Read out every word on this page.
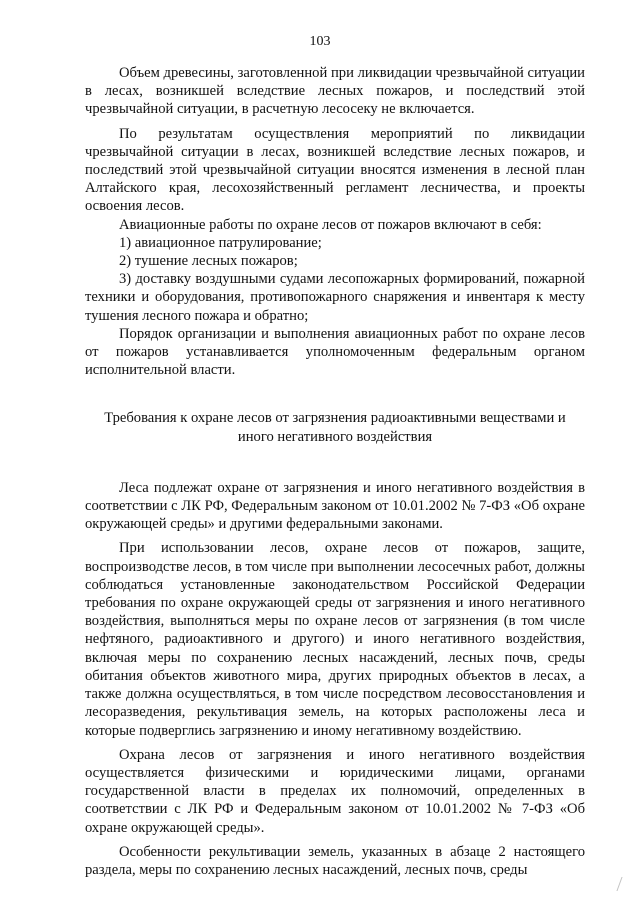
103

Объем древесины, заготовленной при ликвидации чрезвычайной ситуации в лесах, возникшей вследствие лесных пожаров, и последствий этой чрезвычайной ситуации, в расчетную лесосеку не включается.

По результатам осуществления мероприятий по ликвидации чрезвычайной ситуации в лесах, возникшей вследствие лесных пожаров, и последствий этой чрезвычайной ситуации вносятся изменения в лесной план Алтайского края, лесохозяйственный регламент лесничества, и проекты освоения лесов.

Авиационные работы по охране лесов от пожаров включают в себя:

1) авиационное патрулирование;

2) тушение лесных пожаров;

3) доставку воздушными судами лесопожарных формирований, пожарной техники и оборудования, противопожарного снаряжения и инвентаря к месту тушения лесного пожара и обратно;

Порядок организации и выполнения авиационных работ по охране лесов от пожаров устанавливается уполномоченным федеральным органом исполнительной власти.

Требования к охране лесов от загрязнения радиоактивными веществами и
иного негативного воздействия

Леса подлежат охране от загрязнения и иного негативного воздействия в соответствии с ЛК РФ, Федеральным законом от 10.01.2002 № 7-ФЗ «Об охране окружающей среды» и другими федеральными законами.

При использовании лесов, охране лесов от пожаров, защите, воспроизводстве лесов, в том числе при выполнении лесосечных работ, должны соблюдаться установленные законодательством Российской Федерации требования по охране окружающей среды от загрязнения и иного негативного воздействия, выполняться меры по охране лесов от загрязнения (в том числе нефтяного, радиоактивного и другого) и иного негативного воздействия, включая меры по сохранению лесных насаждений, лесных почв, среды обитания объектов животного мира, других природных объектов в лесах, а также должна осуществляться, в том числе посредством лесовосстановления и лесоразведения, рекультивация земель, на которых расположены леса и которые подверглись загрязнению и иному негативному воздействию.

Охрана лесов от загрязнения и иного негативного воздействия осуществляется физическими и юридическими лицами, органами государственной власти в пределах их полномочий, определенных в соответствии с ЛК РФ и Федеральным законом от 10.01.2002 № 7-ФЗ «Об охране окружающей среды».

Особенности рекультивации земель, указанных в абзаце 2 настоящего раздела, меры по сохранению лесных насаждений, лесных почв, среды
